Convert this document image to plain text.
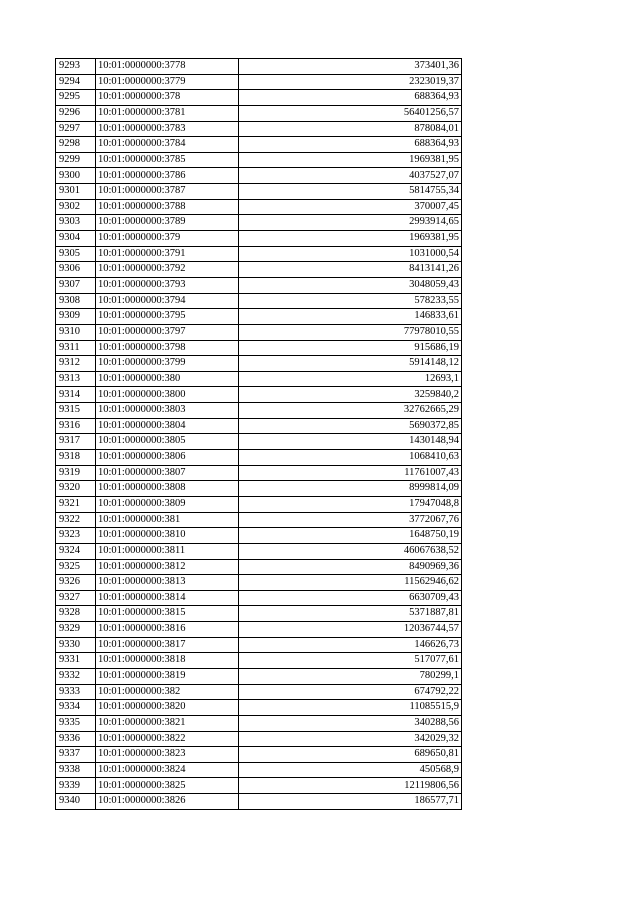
9293	10:01:0000000:3778	373401,36
9294	10:01:0000000:3779	2323019,37
9295	10:01:0000000:378	688364,93
9296	10:01:0000000:3781	56401256,57
9297	10:01:0000000:3783	878084,01
9298	10:01:0000000:3784	688364,93
9299	10:01:0000000:3785	1969381,95
9300	10:01:0000000:3786	4037527,07
9301	10:01:0000000:3787	5814755,34
9302	10:01:0000000:3788	370007,45
9303	10:01:0000000:3789	2993914,65
9304	10:01:0000000:379	1969381,95
9305	10:01:0000000:3791	1031000,54
9306	10:01:0000000:3792	8413141,26
9307	10:01:0000000:3793	3048059,43
9308	10:01:0000000:3794	578233,55
9309	10:01:0000000:3795	146833,61
9310	10:01:0000000:3797	77978010,55
9311	10:01:0000000:3798	915686,19
9312	10:01:0000000:3799	5914148,12
9313	10:01:0000000:380	12693,1
9314	10:01:0000000:3800	3259840,2
9315	10:01:0000000:3803	32762665,29
9316	10:01:0000000:3804	5690372,85
9317	10:01:0000000:3805	1430148,94
9318	10:01:0000000:3806	1068410,63
9319	10:01:0000000:3807	11761007,43
9320	10:01:0000000:3808	8999814,09
9321	10:01:0000000:3809	17947048,8
9322	10:01:0000000:381	3772067,76
9323	10:01:0000000:3810	1648750,19
9324	10:01:0000000:3811	46067638,52
9325	10:01:0000000:3812	8490969,36
9326	10:01:0000000:3813	11562946,62
9327	10:01:0000000:3814	6630709,43
9328	10:01:0000000:3815	5371887,81
9329	10:01:0000000:3816	12036744,57
9330	10:01:0000000:3817	146626,73
9331	10:01:0000000:3818	517077,61
9332	10:01:0000000:3819	780299,1
9333	10:01:0000000:382	674792,22
9334	10:01:0000000:3820	11085515,9
9335	10:01:0000000:3821	340288,56
9336	10:01:0000000:3822	342029,32
9337	10:01:0000000:3823	689650,81
9338	10:01:0000000:3824	450568,9
9339	10:01:0000000:3825	12119806,56
9340	10:01:0000000:3826	186577,71
